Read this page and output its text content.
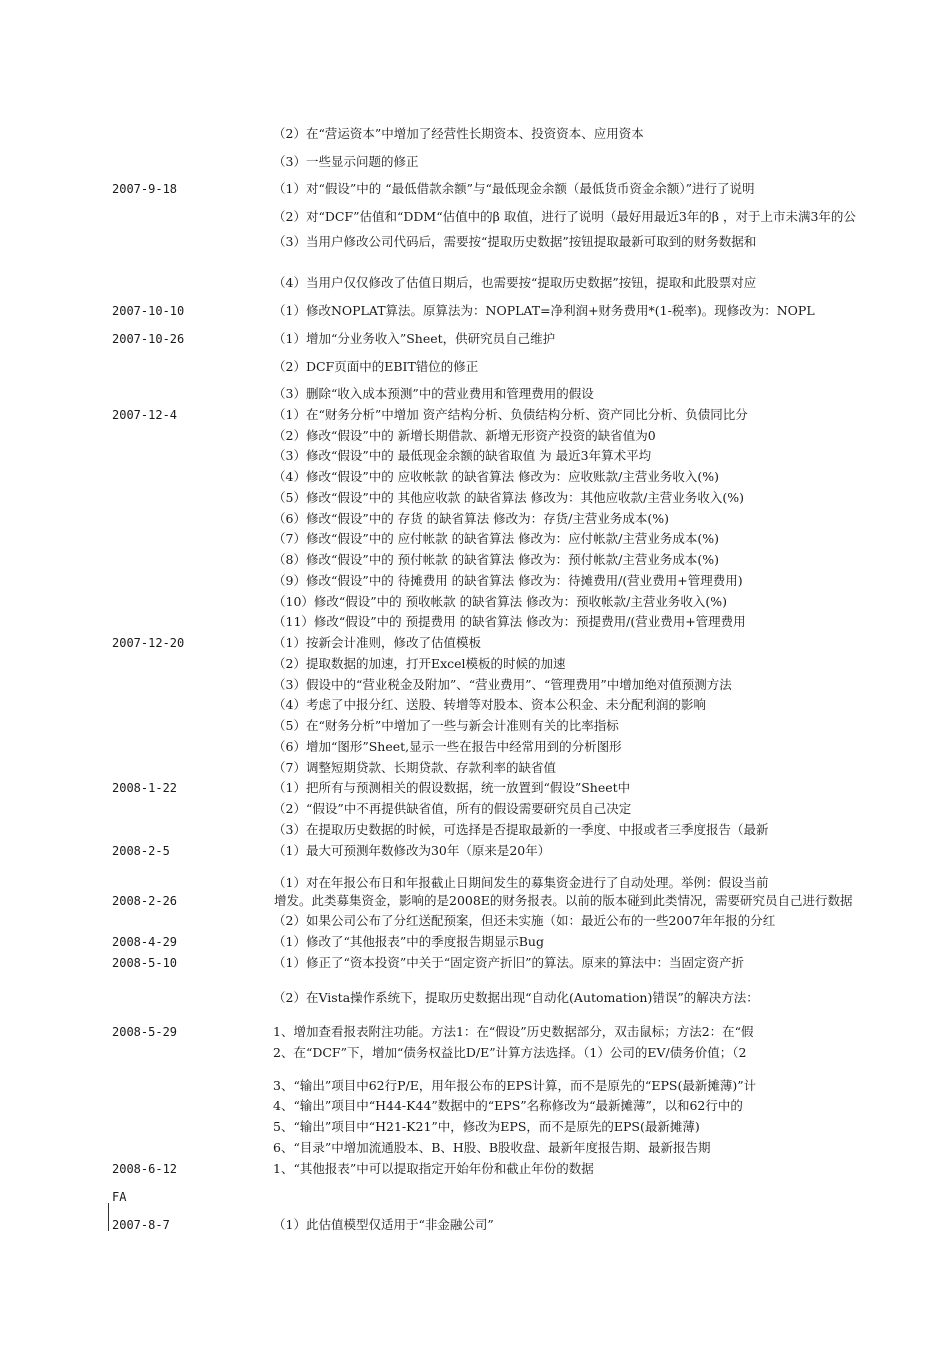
（2）在“营运资本”中增加了经营性长期资本、投资资本、应用资本
（3）一些显示问题的修正
2007-9-18	（1）对“假设”中的 “最低借款余额”与“最低现金余额（最低货币资金余额）”进行了说明
（2）对“DCF”估值和“DDM“估值中的β 取值，进行了说明（最好用最近3年的β ，对于上市未满3年的公
（3）当用户修改公司代码后，需要按“提取历史数据”按钮提取最新可取到的财务数据和
（4）当用户仅仅修改了估值日期后，也需要按“提取历史数据”按钮，提取和此股票对应
2007-10-10	（1）修改NOPLAT算法。原算法为：NOPLAT=净利润+财务费用*(1-税率)。现修改为：NOPL
2007-10-26	（1）增加“分业务收入”Sheet，供研究员自己维护
（2）DCF页面中的EBIT错位的修正
（3）删除“收入成本预测”中的营业费用和管理费用的假设
2007-12-4	（1）在“财务分析”中增加 资产结构分析、负债结构分析、资产同比分析、负债同比分
（2）修改“假设”中的 新增长期借款、新增无形资产投资的缺省值为0
（3）修改“假设”中的 最低现金余额的缺省取值 为 最近3年算术平均
（4）修改“假设”中的 应收帐款 的缺省算法 修改为：应收账款/主营业务收入(%)
（5）修改“假设”中的 其他应收款 的缺省算法 修改为：其他应收款/主营业务收入(%)
（6）修改“假设”中的 存货 的缺省算法 修改为：存货/主营业务成本(%)
（7）修改“假设”中的 应付帐款 的缺省算法 修改为：应付帐款/主营业务成本(%)
（8）修改“假设”中的 预付帐款 的缺省算法 修改为：预付帐款/主营业务成本(%)
（9）修改“假设”中的 待摊费用 的缺省算法 修改为：待摊费用/(营业费用+管理费用)
（10）修改“假设”中的 预收帐款 的缺省算法 修改为：预收帐款/主营业务收入(%)
（11）修改“假设”中的 预提费用 的缺省算法 修改为：预提费用/(营业费用+管理费用
2007-12-20	（1）按新会计准则，修改了估值模板
（2）提取数据的加速，打开Excel模板的时候的加速
（3）假设中的“营业税金及附加”、“营业费用”、“管理费用”中增加绝对值预测方法
（4）考虑了中报分红、送股、转增等对股本、资本公积金、未分配利润的影响
（5）在“财务分析”中增加了一些与新会计准则有关的比率指标
（6）增加“图形”Sheet,显示一些在报告中经常用到的分析图形
（7）调整短期贷款、长期贷款、存款利率的缺省值
2008-1-22	（1）把所有与预测相关的假设数据，统一放置到“假设”Sheet中
（2）“假设”中不再提供缺省值，所有的假设需要研究员自己决定
（3）在提取历史数据的时候，可选择是否提取最新的一季度、中报或者三季度报告（最新
2008-2-5	（1）最大可预测年数修改为30年（原来是20年）
（1）对在年报公布日和年报截止日期间发生的募集资金进行了自动处理。举例：假设当前
2008-2-26	增发。此类募集资金，影响的是2008E的财务报表。以前的版本碰到此类情况，需要研究员自己进行数据
（2）如果公司公布了分红送配预案，但还未实施（如：最近公布的一些2007年年报的分红
2008-4-29	（1）修改了“其他报表”中的季度报告期显示Bug
2008-5-10	（1）修正了“资本投资”中关于“固定资产折旧”的算法。原来的算法中：当固定资产折
（2）在Vista操作系统下，提取历史数据出现“自动化(Automation)错误”的解决方法：
2008-5-29	1、增加查看报表附注功能。方法1：在“假设”历史数据部分，双击鼠标；方法2：在“假
2、在“DCF”下，增加“债务权益比D/E”计算方法选择。（1）公司的EV/债务价值；（2
3、“输出”项目中62行P/E，用年报公布的EPS计算，而不是原先的“EPS(最新摊薄)”计
4、“输出”项目中“H44-K44”数据中的“EPS”名称修改为“最新摊薄”，以和62行中的
5、“输出”项目中“H21-K21”中，修改为EPS，而不是原先的EPS(最新摊薄)
6、“目录”中增加流通股本、B、H股、B股收盘、最新年度报告期、最新报告期
2008-6-12	1、“其他报表”中可以提取指定开始年份和截止年份的数据
FA
2007-8-7	（1）此估值模型仅适用于“非金融公司”
